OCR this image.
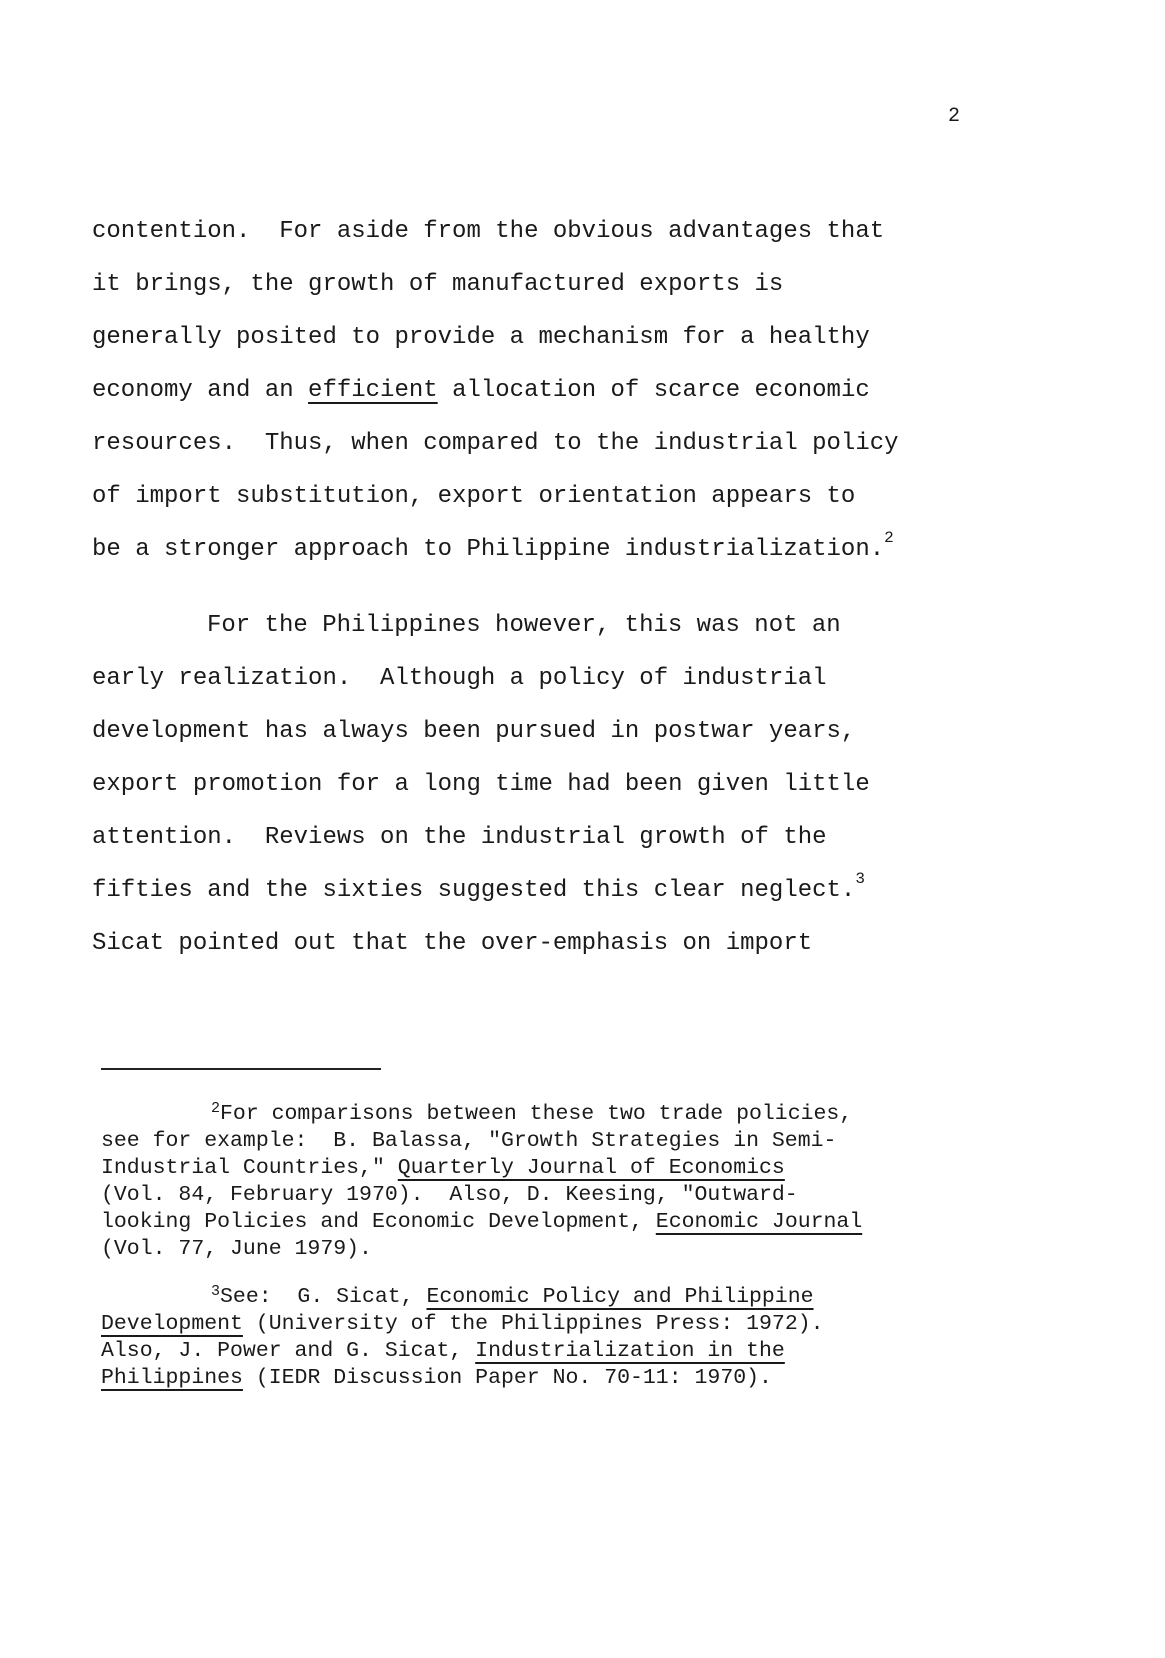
2
contention.  For aside from the obvious advantages that
it brings, the growth of manufactured exports is
generally posited to provide a mechanism for a healthy
economy and an efficient allocation of scarce economic
resources.  Thus, when compared to the industrial policy
of import substitution, export orientation appears to
be a stronger approach to Philippine industrialization.$^2$
For the Philippines however, this was not an
early realization.  Although a policy of industrial
development has always been pursued in postwar years,
export promotion for a long time had been given little
attention.  Reviews on the industrial growth of the
fifties and the sixties suggested this clear neglect.$^3$
Sicat pointed out that the over-emphasis on import
$^2$For comparisons between these two trade policies,
see for example:  B. Balassa, "Growth Strategies in Semi-
Industrial Countries," Quarterly Journal of Economics
(Vol. 84, February 1970).  Also, D. Keesing, "Outward-
looking Policies and Economic Development, Economic Journal
(Vol. 77, June 1979).
$^3$See:  G. Sicat, Economic Policy and Philippine
Development (University of the Philippines Press: 1972).
Also, J. Power and G. Sicat, Industrialization in the
Philippines (IEDR Discussion Paper No. 70-11: 1970).
